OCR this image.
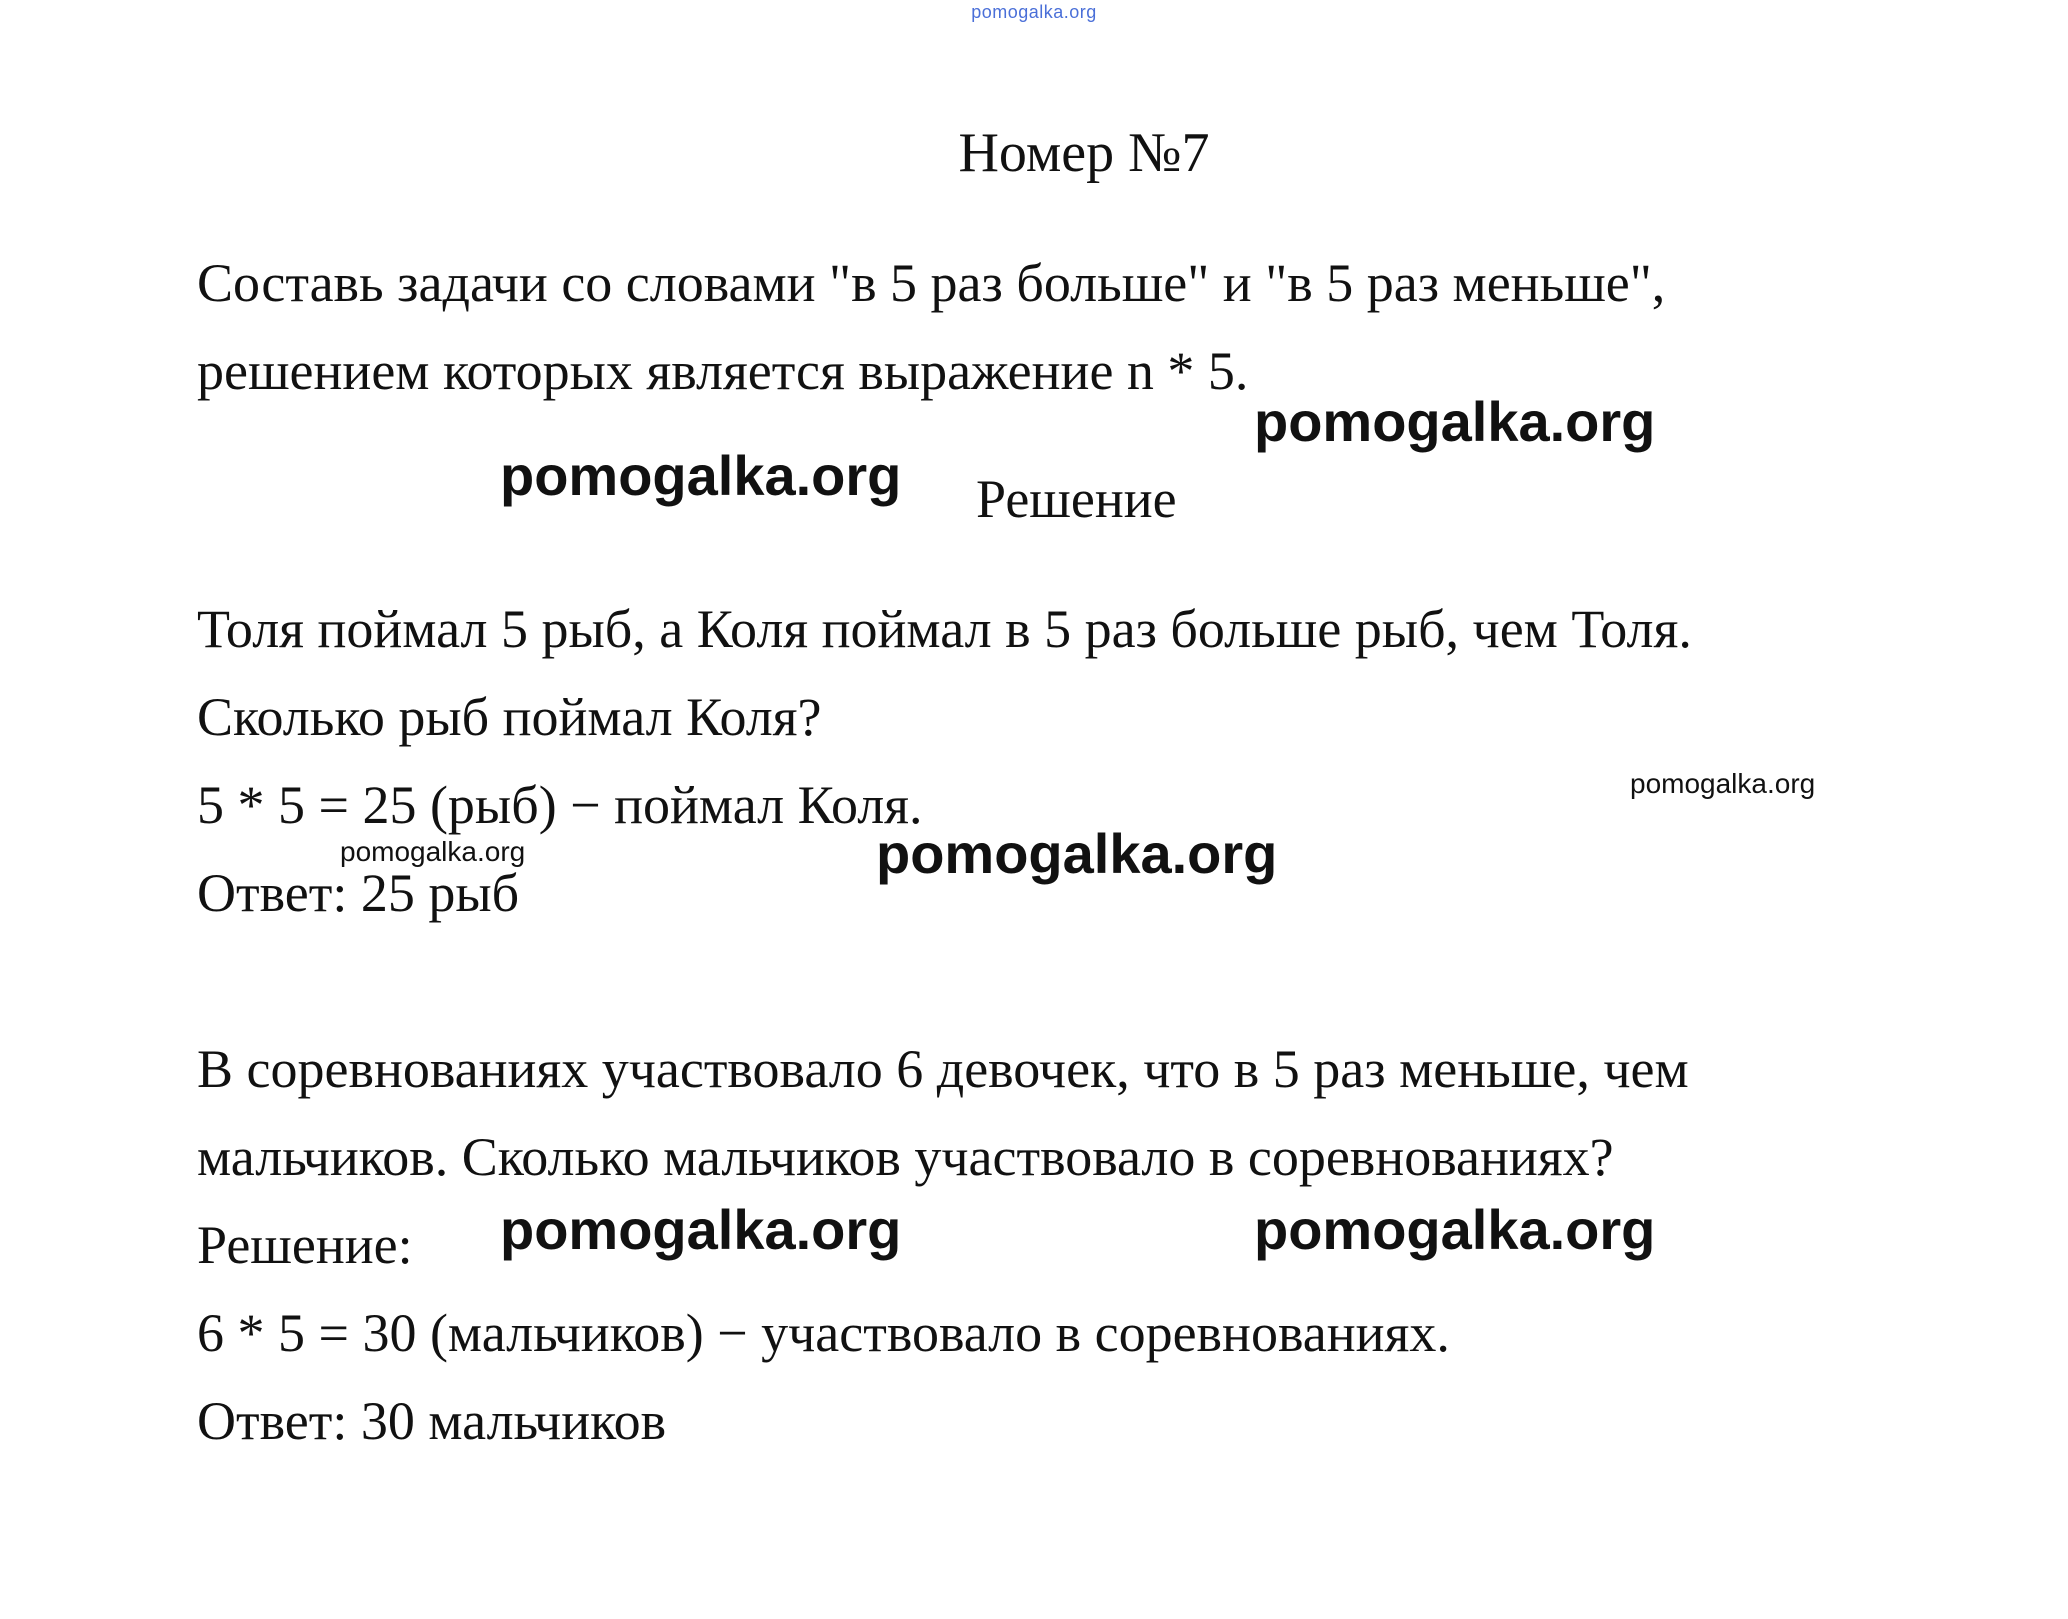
pomogalka.org
Номер №7
Составь задачи со словами "в 5 раз больше" и "в 5 раз меньше",
решением которых является выражение n * 5.
pomogalka.org
pomogalka.org Решение
Толя поймал 5 рыб, а Коля поймал в 5 раз больше рыб, чем Толя.
Сколько рыб поймал Коля?
pomogalka.org
5 * 5 = 25 (рыб) − поймал Коля.
pomogalka.org	pomogalka.org
Ответ: 25 рыб
В соревнованиях участвовало 6 девочек, что в 5 раз меньше, чем
мальчиков. Сколько мальчиков участвовало в соревнованиях?
Решение: pomogalka.org	pomogalka.org
6 * 5 = 30 (мальчиков) − участвовало в соревнованиях.
Ответ: 30 мальчиков
